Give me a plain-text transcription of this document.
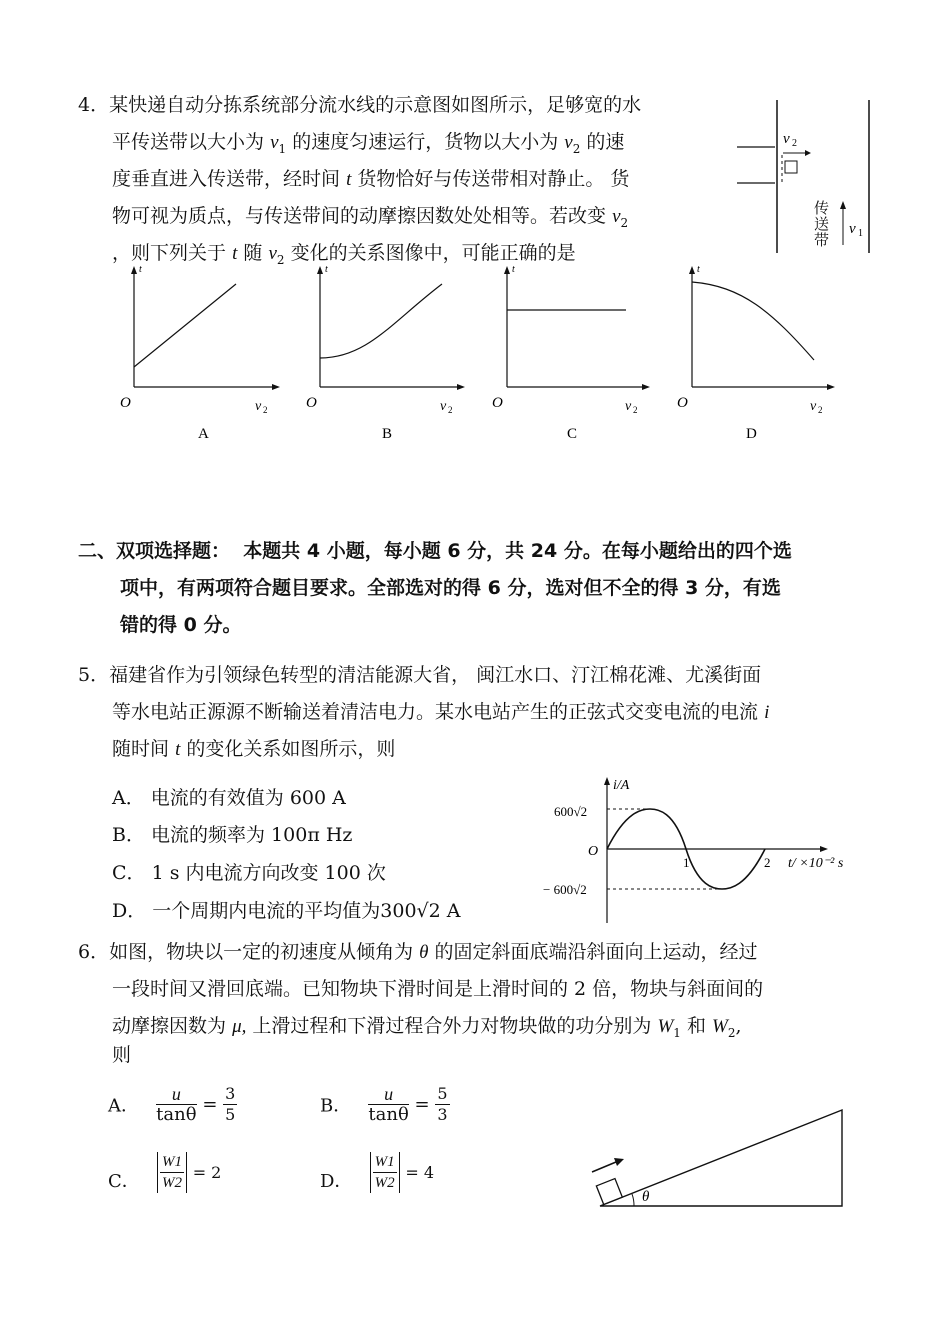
4．某快递自动分拣系统部分流水线的示意图如图所示，足够宽的水
平传送带以大小为 $v_1$ 的速度匀速运行，货物以大小为 $v_2$ 的速
度垂直进入传送带，经时间 t 货物恰好与传送带相对静止。 货
物可视为质点，与传送带间的动摩擦因数处处相等。若改变 $v_2$
，则下列关于 t 随 $v_2$ 变化的关系图像中，可能正确的是
v 2
v 1
传送带
O	v 2
t
A
O	v 2
t
B
O	v 2
t
C
O	v 2
t
D
二、双项选择题： 本题共 4 小题，每小题 6 分，共 24 分。在每小题给出的四个选
项中，有两项符合题目要求。全部选对的得 6 分，选对但不全的得 3 分，有选
错的得 0 分。
5．福建省作为引领绿色转型的清洁能源大省， 闽江水口、汀江棉花滩、尤溪街面
等水电站正源源不断输送着清洁电力。某水电站产生的正弦式交变电流的电流 i
随时间 t 的变化关系如图所示，则
A． 电流的有效值为 600 A
B． 电流的频率为 100π Hz
C． 1 s 内电流方向改变 100 次
D． 一个周期内电流的平均值为300√2 A
i/A
O
600√2
− 600√2
1	2 t/ ×10⁻² s
6．如图，物块以一定的初速度从倾角为 θ 的固定斜面底端沿斜面向上运动，经过
一段时间又滑回底端。已知物块下滑时间是上滑时间的 2 倍，物块与斜面间的
动摩擦因数为 μ, 上滑过程和下滑过程合外力对物块做的功分别为 $W_1$ 和 $W_2$,
则
A． $\frac{u}{\tan\theta} = \frac{3}{5}$	B． $\frac{u}{\tan\theta} = \frac{5}{3}$
C． $\frac{W1}{W2} = 2$	D． $\frac{W1}{W2} = 4$
θ
